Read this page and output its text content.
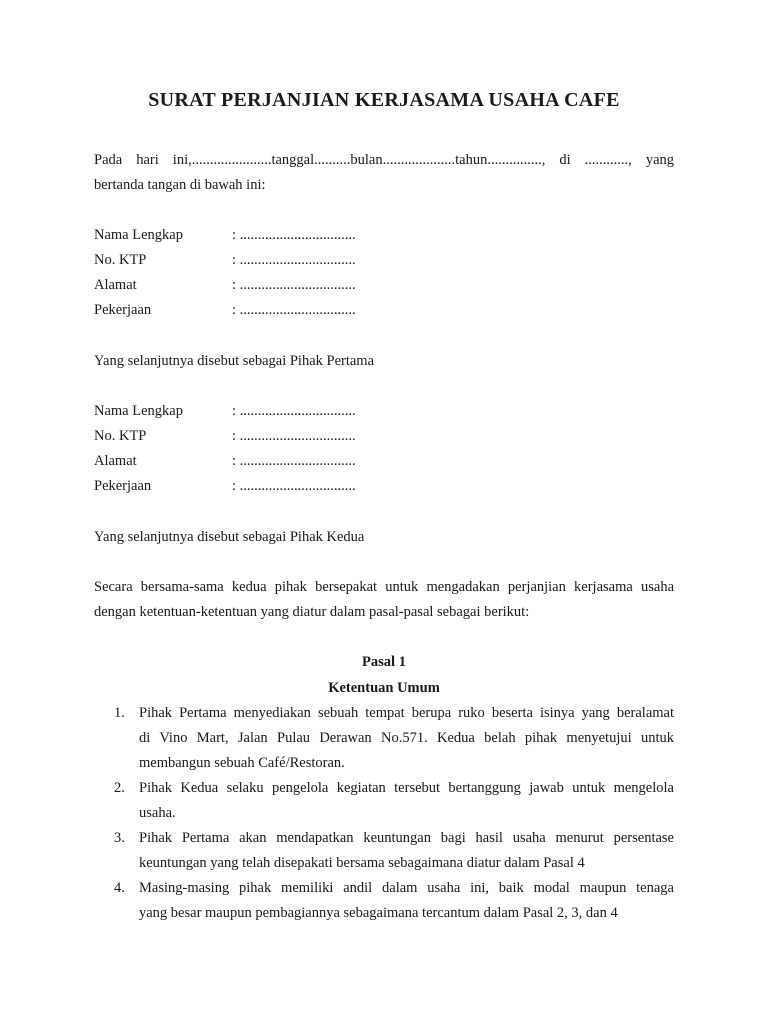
SURAT PERJANJIAN KERJASAMA USAHA CAFE
Pada hari ini,......................tanggal..........bulan....................tahun..............., di ............, yang
bertanda tangan di bawah ini:
Nama Lengkap	: ................................
No. KTP	: ................................
Alamat	: ................................
Pekerjaan	: ................................
Yang selanjutnya disebut sebagai Pihak Pertama
Nama Lengkap	: ................................
No. KTP	: ................................
Alamat	: ................................
Pekerjaan	: ................................
Yang selanjutnya disebut sebagai Pihak Kedua
Secara bersama-sama kedua pihak bersepakat untuk mengadakan perjanjian kerjasama usaha
dengan ketentuan-ketentuan yang diatur dalam pasal-pasal sebagai berikut:
Pasal 1
Ketentuan Umum
1. Pihak Pertama menyediakan sebuah tempat berupa ruko beserta isinya yang beralamat
di Vino Mart, Jalan Pulau Derawan No.571. Kedua belah pihak menyetujui untuk
membangun sebuah Café/Restoran.
2. Pihak Kedua selaku pengelola kegiatan tersebut bertanggung jawab untuk mengelola
usaha.
3. Pihak Pertama akan mendapatkan keuntungan bagi hasil usaha menurut persentase
keuntungan yang telah disepakati bersama sebagaimana diatur dalam Pasal 4
4. Masing-masing pihak memiliki andil dalam usaha ini, baik modal maupun tenaga
yang besar maupun pembagiannya sebagaimana tercantum dalam Pasal 2, 3, dan 4
